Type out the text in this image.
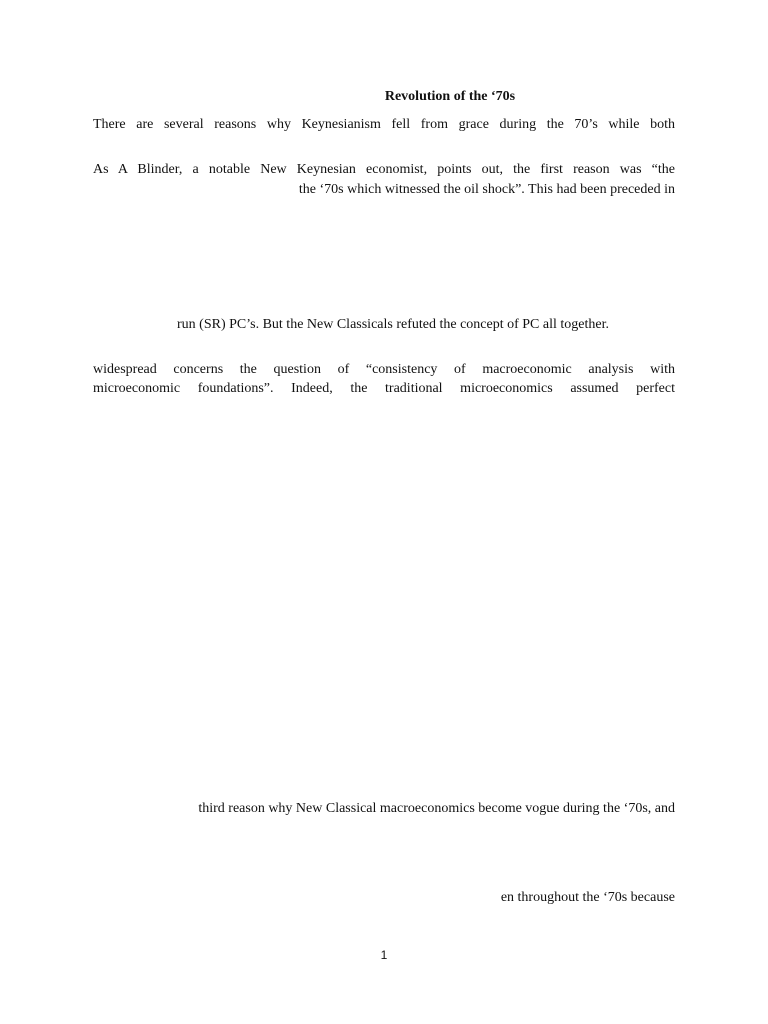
Revolution of the ‘70s
There are several reasons why Keynesianism fell from grace during the 70’s while both
As A Blinder, a notable New Keynesian economist, points out, the first reason was “the
the ‘70s which witnessed the oil shock”. This had been preceded in
run (SR) PC’s. But the New Classicals refuted the concept of PC all together.
widespread concerns the question of “consistency of macroeconomic analysis with
microeconomic foundations”. Indeed, the traditional microeconomics assumed perfect
third reason why New Classical macroeconomics become vogue during the ‘70s, and
en throughout the ‘70s because
1
